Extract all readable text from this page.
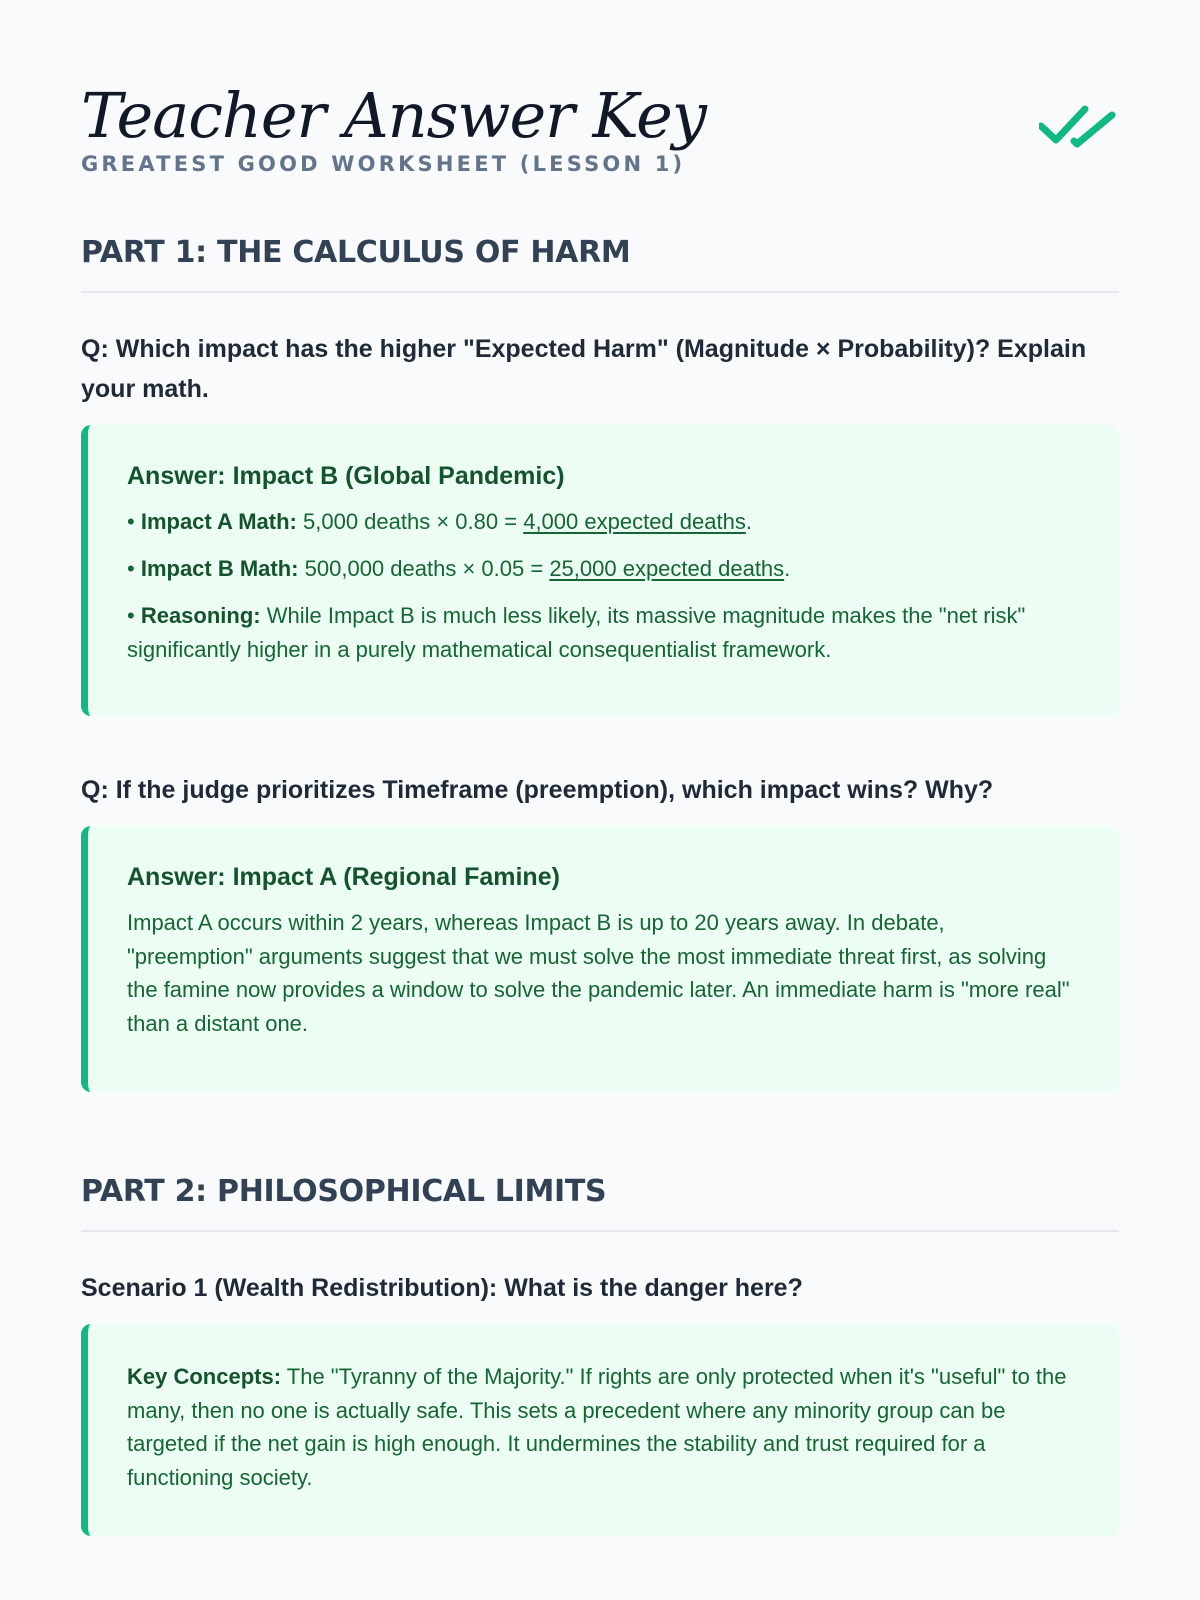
Teacher Answer Key

GREATEST GOOD WORKSHEET (LESSON 1)

PART 1: THE CALCULUS OF HARM

Q: Which impact has the higher "Expected Harm" (Magnitude × Probability)? Explain your math.

Answer: Impact B (Global Pandemic)

• Impact A Math: 5,000 deaths × 0.80 = 4,000 expected deaths.

• Impact B Math: 500,000 deaths × 0.05 = 25,000 expected deaths.

• Reasoning: While Impact B is much less likely, its massive magnitude makes the "net risk" significantly higher in a purely mathematical consequentialist framework.

Q: If the judge prioritizes Timeframe (preemption), which impact wins? Why?

Answer: Impact A (Regional Famine)

Impact A occurs within 2 years, whereas Impact B is up to 20 years away. In debate, "preemption" arguments suggest that we must solve the most immediate threat first, as solving the famine now provides a window to solve the pandemic later. An immediate harm is "more real" than a distant one.

PART 2: PHILOSOPHICAL LIMITS

Scenario 1 (Wealth Redistribution): What is the danger here?

Key Concepts: The "Tyranny of the Majority." If rights are only protected when it's "useful" to the many, then no one is actually safe. This sets a precedent where any minority group can be targeted if the net gain is high enough. It undermines the stability and trust required for a functioning society.
